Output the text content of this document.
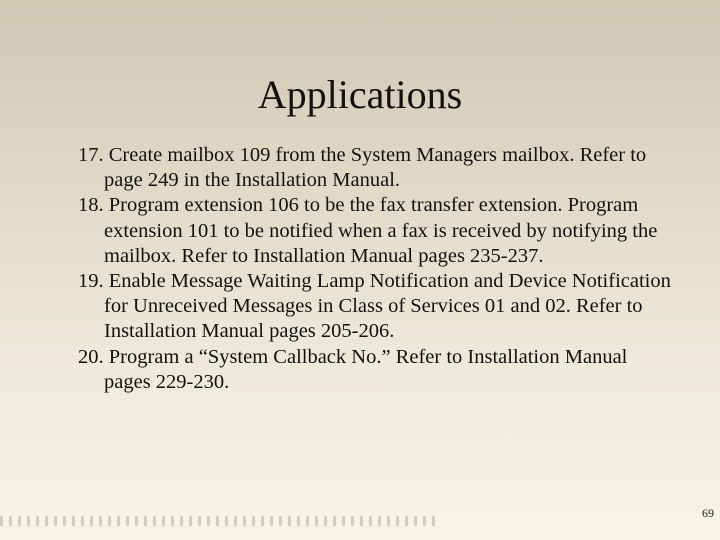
Applications
17. Create mailbox 109 from the System Managers mailbox. Refer to page 249 in the Installation Manual.
18. Program extension 106 to be the fax transfer extension. Program extension 101 to be notified when a fax is received by notifying the mailbox. Refer to Installation Manual pages 235-237.
19. Enable Message Waiting Lamp Notification and Device Notification for Unreceived Messages in Class of Services 01 and 02. Refer to Installation Manual pages 205-206.
20. Program a “System Callback No.” Refer to Installation Manual pages 229-230.
69
